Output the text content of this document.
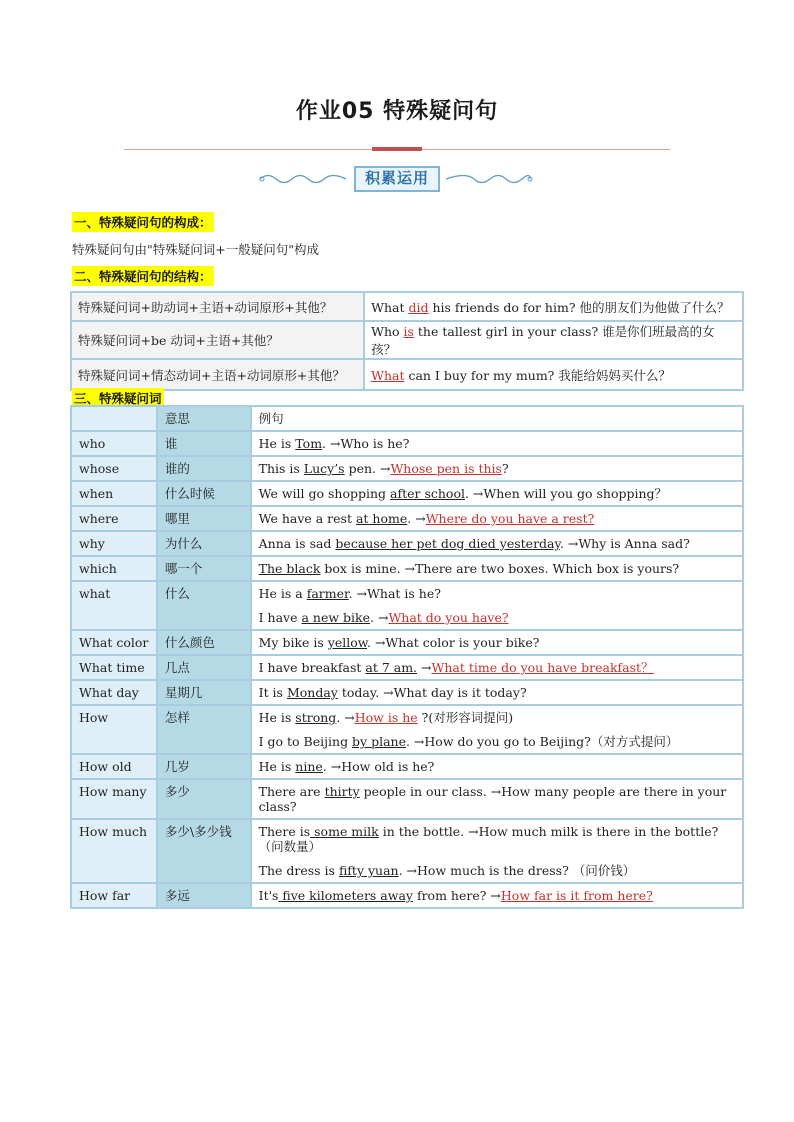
作业05 特殊疑问句
积累运用
一、特殊疑问句的构成：
特殊疑问句由"特殊疑问词+一般疑问句"构成
二、特殊疑问句的结构：
特殊疑问词+助动词+主语+动词原形+其他？	What did his friends do for him? 他的朋友们为他做了什么？
特殊疑问词+be 动词+主语+其他？	Who is the tallest girl in your class? 谁是你们班最高的女孩？
特殊疑问词+情态动词+主语+动词原形+其他？	What can I buy for my mum? 我能给妈妈买什么？
三、特殊疑问词
	意思	例句
who	谁	He is Tom. →Who is he?

whose	谁的	This is Lucy’s pen. →Whose pen is this?

when	什么时候	We will go shopping after school. →When will you go shopping？

where	哪里	We have a rest at home. →Where do you have a rest?

why	为什么	Anna is sad because her pet dog died yesterday. →Why is Anna sad?

which	哪一个	The black box is mine. →There are two boxes. Which box is yours?

what	什么	He is a farmer. →What is he?
I have a new bike. →What do you have?

What color	什么颜色	My bike is yellow. →What color is your bike?

What time	几点	I have breakfast at 7 am. →What time do you have breakfast？

What day	星期几	It is Monday today. →What day is it today?

How	怎样	He is strong. →How is he ?(对形容词提问)
I go to Beijing by plane. →How do you go to Beijing?（对方式提问）

How old	几岁	He is nine. →How old is he?

How many	多少	There are thirty people in our class. →How many people are there in your class?

How much	多少\多少钱	There is some milk in the bottle. →How much milk is there in the bottle?（问数量）
The dress is fifty yuan. →How much is the dress? （问价钱）

How far	多远	It's five kilometers away from here? →How far is it from here?
